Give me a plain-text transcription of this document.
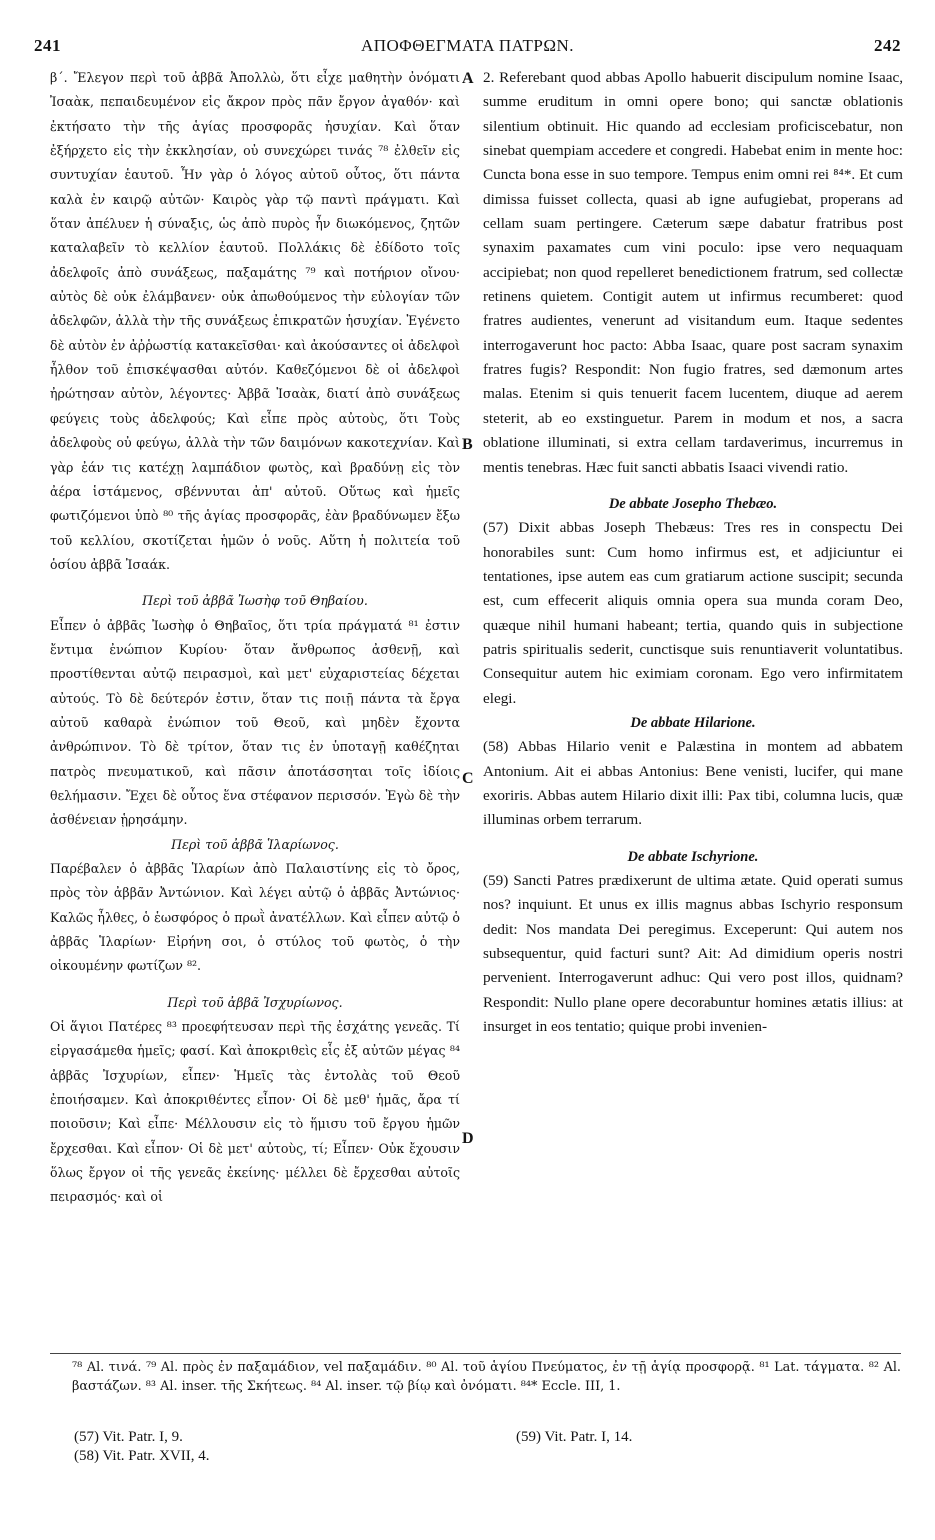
241	ΑΠΟΦΘΕΓΜΑΤΑ ΠΑΤΡΩΝ.	242

β΄. Ἔλεγον περὶ τοῦ ἀββᾶ Ἀπολλὼ, ὅτι εἶχε μαθητὴν ὀνόματι Ἰσαὰκ, πεπαιδευμένον εἰς ἄκρον πρὸς πᾶν ἔργον ἀγαθόν· καὶ ἐκτήσατο τὴν τῆς ἁγίας προσφορᾶς ἡσυχίαν. Καὶ ὅταν ἐξήρχετο εἰς τὴν ἐκκλησίαν, οὐ συνεχώρει τινάς ⁷⁸ ἐλθεῖν εἰς συντυχίαν ἑαυτοῦ. Ἦν γὰρ ὁ λόγος αὐτοῦ οὗτος, ὅτι πάντα καλὰ ἐν καιρῷ αὐτῶν· Καιρὸς γὰρ τῷ παντὶ πράγματι. Καὶ ὅταν ἀπέλυεν ἡ σύναξις, ὡς ἀπὸ πυρὸς ἦν διωκόμενος, ζητῶν καταλαβεῖν τὸ κελλίον ἑαυτοῦ. Πολλάκις δὲ ἐδίδοτο τοῖς ἀδελφοῖς ἀπὸ συνάξεως, παξαμάτης ⁷⁹ καὶ ποτήριον οἴνου· αὐτὸς δὲ οὐκ ἐλάμβανεν· οὐκ ἀπωθούμενος τὴν εὐλογίαν τῶν ἀδελφῶν, ἀλλὰ τὴν τῆς συνάξεως ἐπικρατῶν ἡσυχίαν. Ἐγένετο δὲ αὐτὸν ἐν ἀῤῥωστίᾳ κατακεῖσθαι· καὶ ἀκούσαντες οἱ ἀδελφοὶ ἦλθον τοῦ ἐπισκέψασθαι αὐτόν. Καθεζόμενοι δὲ οἱ ἀδελφοὶ ἠρώτησαν αὐτὸν, λέγοντες· Ἀββᾶ Ἰσαὰκ, διατί ἀπὸ συνάξεως φεύγεις τοὺς ἀδελφούς; Καὶ εἶπε πρὸς αὐτοὺς, ὅτι Τοὺς ἀδελφοὺς οὐ φεύγω, ἀλλὰ τὴν τῶν δαιμόνων κακοτεχνίαν. Καὶ γὰρ ἐάν τις κατέχῃ λαμπάδιον φωτὸς, καὶ βραδύνῃ εἰς τὸν ἀέρα ἱστάμενος, σβέννυται ἀπ' αὐτοῦ. Οὕτως καὶ ἡμεῖς φωτιζόμενοι ὑπὸ ⁸⁰ τῆς ἁγίας προσφορᾶς, ἐὰν βραδύνωμεν ἔξω τοῦ κελλίου, σκοτίζεται ἡμῶν ὁ νοῦς. Αὕτη ἡ πολιτεία τοῦ ὁσίου ἀββᾶ Ἰσαάκ.

Περὶ τοῦ ἀββᾶ Ἰωσὴφ τοῦ Θηβαίου.

Εἶπεν ὁ ἀββᾶς Ἰωσὴφ ὁ Θηβαῖος, ὅτι τρία πράγματά ⁸¹ ἐστιν ἔντιμα ἐνώπιον Κυρίου· ὅταν ἄνθρωπος ἀσθενῇ, καὶ προστίθενται αὐτῷ πειρασμοὶ, καὶ μετ' εὐχαριστείας δέχεται αὐτούς. Τὸ δὲ δεύτερόν ἐστιν, ὅταν τις ποιῇ πάντα τὰ ἔργα αὐτοῦ καθαρὰ ἐνώπιον τοῦ Θεοῦ, καὶ μηδὲν ἔχοντα ἀνθρώπινον. Τὸ δὲ τρίτον, ὅταν τις ἐν ὑποταγῇ καθέζηται πατρὸς πνευματικοῦ, καὶ πᾶσιν ἀποτάσσηται τοῖς ἰδίοις θελήμασιν. Ἔχει δὲ οὗτος ἕνα στέφανον περισσόν. Ἐγὼ δὲ τὴν ἀσθένειαν ᾑρησάμην.

Περὶ τοῦ ἀββᾶ Ἱλαρίωνος.

Παρέβαλεν ὁ ἀββᾶς Ἱλαρίων ἀπὸ Παλαιστίνης εἰς τὸ ὄρος, πρὸς τὸν ἀββᾶν Ἀντώνιον. Καὶ λέγει αὐτῷ ὁ ἀββᾶς Ἀντώνιος· Καλῶς ἦλθες, ὁ ἑωσφόρος ὁ πρωῒ ἀνατέλλων. Καὶ εἶπεν αὐτῷ ὁ ἀββᾶς Ἱλαρίων· Εἰρήνη σοι, ὁ στύλος τοῦ φωτὸς, ὁ τὴν οἰκουμένην φωτίζων ⁸².

Περὶ τοῦ ἀββᾶ Ἰσχυρίωνος.

Οἱ ἅγιοι Πατέρες ⁸³ προεφήτευσαν περὶ τῆς ἐσχάτης γενεᾶς. Τί εἰργασάμεθα ἡμεῖς; φασί. Καὶ ἀποκριθεὶς εἷς ἐξ αὐτῶν μέγας ⁸⁴ ἀββᾶς Ἰσχυρίων, εἶπεν· Ἡμεῖς τὰς ἐντολὰς τοῦ Θεοῦ ἐποιήσαμεν. Καὶ ἀποκριθέντες εἶπον· Οἱ δὲ μεθ' ἡμᾶς, ἄρα τί ποιοῦσιν; Καὶ εἶπε· Μέλλουσιν εἰς τὸ ἥμισυ τοῦ ἔργου ἡμῶν ἔρχεσθαι. Καὶ εἶπον· Οἱ δὲ μετ' αὐτοὺς, τί; Εἶπεν· Οὐκ ἔχουσιν ὅλως ἔργον οἱ τῆς γενεᾶς ἐκείνης· μέλλει δὲ ἔρχεσθαι αὐτοῖς πειρασμός· καὶ οἱ

A
B
C
D

2. Referebant quod abbas Apollo habuerit discipulum nomine Isaac, summe eruditum in omni opere bono; qui sanctæ oblationis silentium obtinuit. Hic quando ad ecclesiam proficiscebatur, non sinebat quempiam accedere et congredi. Habebat enim in mente hoc: Cuncta bona esse in suo tempore. Tempus enim omni rei ⁸⁴*. Et cum dimissa fuisset collecta, quasi ab igne aufugiebat, properans ad cellam suam pertingere. Cæterum sæpe dabatur fratribus post synaxim paxamates cum vini poculo: ipse vero nequaquam accipiebat; non quod repelleret benedictionem fratrum, sed collectæ retinens quietem. Contigit autem ut infirmus recumberet: quod fratres audientes, venerunt ad visitandum eum. Itaque sedentes interrogaverunt hoc pacto: Abba Isaac, quare post sacram synaxim fratres fugis? Respondit: Non fugio fratres, sed dæmonum artes malas. Etenim si quis tenuerit facem lucentem, diuque ad aerem steterit, ab eo exstinguetur. Parem in modum et nos, a sacra oblatione illuminati, si extra cellam tardaverimus, incurremus in mentis tenebras. Hæc fuit sancti abbatis Isaaci vivendi ratio.

De abbate Josepho Thebæo.

(57) Dixit abbas Joseph Thebæus: Tres res in conspectu Dei honorabiles sunt: Cum homo infirmus est, et adjiciuntur ei tentationes, ipse autem eas cum gratiarum actione suscipit; secunda est, cum effecerit aliquis omnia opera sua munda coram Deo, quæque nihil humani habeant; tertia, quando quis in subjectione patris spiritualis sederit, cunctisque suis renuntiaverit voluntatibus. Consequitur autem hic eximiam coronam. Ego vero infirmitatem elegi.

De abbate Hilarione.

(58) Abbas Hilario venit e Palæstina in montem ad abbatem Antonium. Ait ei abbas Antonius: Bene venisti, lucifer, qui mane exoriris. Abbas autem Hilario dixit illi: Pax tibi, columna lucis, quæ illuminas orbem terrarum.

De abbate Ischyrione.

(59) Sancti Patres prædixerunt de ultima ætate. Quid operati sumus nos? inquiunt. Et unus ex illis magnus abbas Ischyrio responsum dedit: Nos mandata Dei peregimus. Exceperunt: Qui autem nos subsequentur, quid facturi sunt? Ait: Ad dimidium operis nostri pervenient. Interrogaverunt adhuc: Qui vero post illos, quidnam? Respondit: Nullo plane opere decorabuntur homines ætatis illius: at insurget in eos tentatio; quique probi invenien-

⁷⁸ Al. τινά. ⁷⁹ Al. πρὸς ἐν παξαμάδιον, vel παξαμάδιν. ⁸⁰ Al. τοῦ ἁγίου Πνεύματος, ἐν τῇ ἁγίᾳ προσφορᾷ. ⁸¹ Lat. τάγματα. ⁸² Al. βαστάζων. ⁸³ Al. inser. τῆς Σκήτεως. ⁸⁴ Al. inser. τῷ βίῳ καὶ ὀνόματι. ⁸⁴* Eccle. III, 1.
(57) Vit. Patr. I, 9.
(58) Vit. Patr. XVII, 4.
(59) Vit. Patr. I, 14.
